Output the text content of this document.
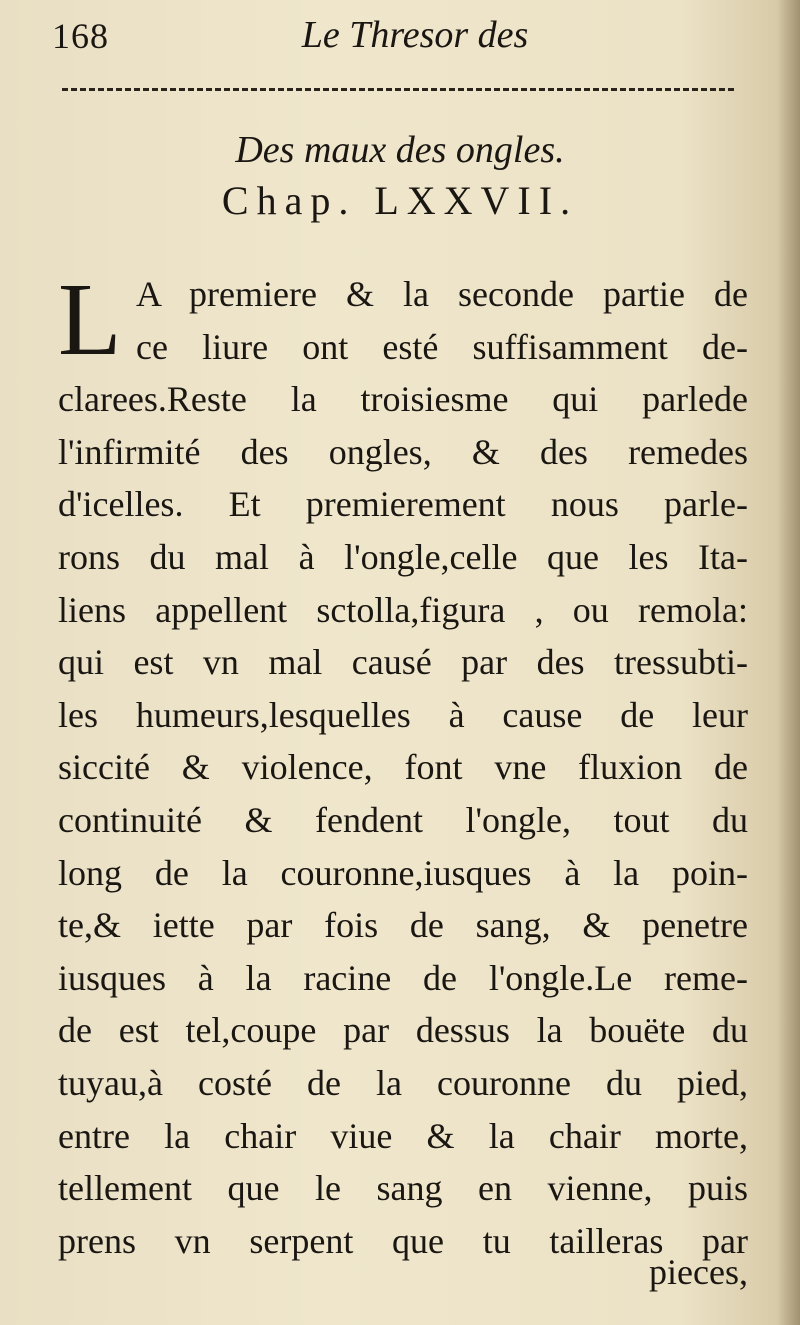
168	Le Thresor des
Des maux des ongles.
Chap. LXXVII.
L A premiere & la seconde partie de
ce liure ont esté suffisamment de-
clarees.Reste la troisiesme qui parlede
l'infirmité des ongles, & des remedes
d'icelles. Et premierement nous parle-
rons du mal à l'ongle,celle que les Ita-
liens appellent sctolla,figura , ou remola:
qui est vn mal causé par des tressubti-
les humeurs,lesquelles à cause de leur
siccité & violence, font vne fluxion de
continuité & fendent l'ongle, tout du
long de la couronne,iusques à la poin-
te,& iette par fois de sang, & penetre
iusques à la racine de l'ongle.Le reme-
de est tel,coupe par dessus la bouëte du
tuyau,à costé de la couronne du pied,
entre la chair viue & la chair morte,
tellement que le sang en vienne, puis
prens vn serpent que tu tailleras par
pieces,
